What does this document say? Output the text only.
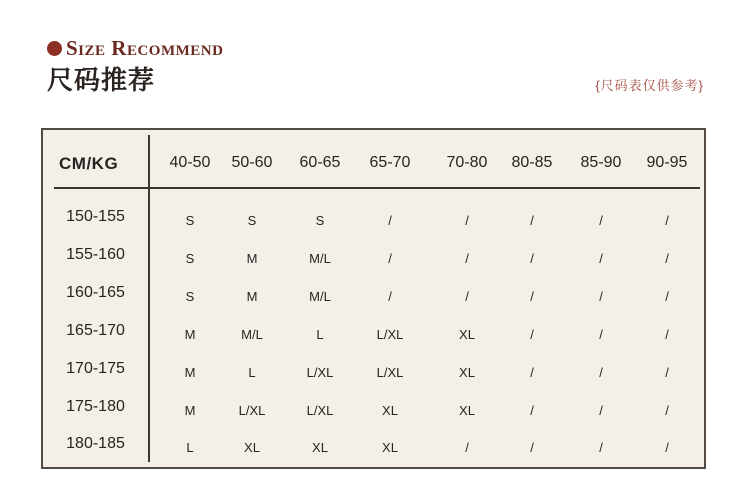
Size Recommend
尺码推荐	{尺码表仅供参考}
CM/KG	40-50	50-60	60-65	65-70	70-80	80-85	85-90	90-95
150-155	S	S	S	/	/	/	/	/
155-160	S	M	M/L	/	/	/	/	/
160-165	S	M	M/L	/	/	/	/	/
165-170	M	M/L	L	L/XL	XL	/	/	/
170-175	M	L	L/XL	L/XL	XL	/	/	/
175-180	M	L/XL	L/XL	XL	XL	/	/	/
180-185	L	XL	XL	XL	/	/	/	/
